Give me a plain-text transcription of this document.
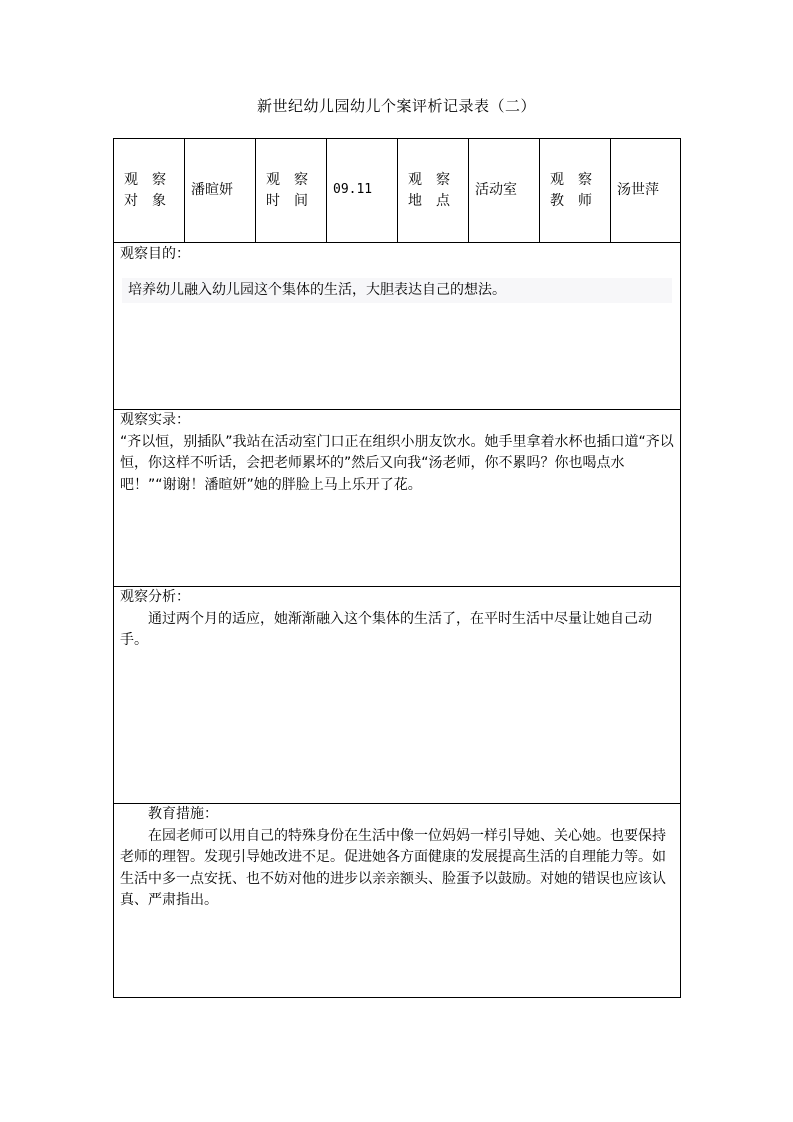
新世纪幼儿园幼儿个案评析记录表（二）
观　察
对　象
潘暄妍
观　察
时　间
09.11
观　察
地　点
活动室
观　察
教　师
汤世萍
观察目的：
培养幼儿融入幼儿园这个集体的生活，大胆表达自己的想法。
观察实录：
“齐以恒，别插队”我站在活动室门口正在组织小朋友饮水。她手里拿着水杯也插口道“齐以恒，你这样不听话，会把老师累坏的”然后又向我“汤老师，你不累吗？你也喝点水吧！”“谢谢！潘暄妍”她的胖脸上马上乐开了花。
观察分析：
通过两个月的适应，她渐渐融入这个集体的生活了，在平时生活中尽量让她自己动手。
教育措施：
在园老师可以用自己的特殊身份在生活中像一位妈妈一样引导她、关心她。也要保持老师的理智。发现引导她改进不足。促进她各方面健康的发展提高生活的自理能力等。如生活中多一点安抚、也不妨对他的进步以亲亲额头、脸蛋予以鼓励。对她的错误也应该认真、严肃指出。
